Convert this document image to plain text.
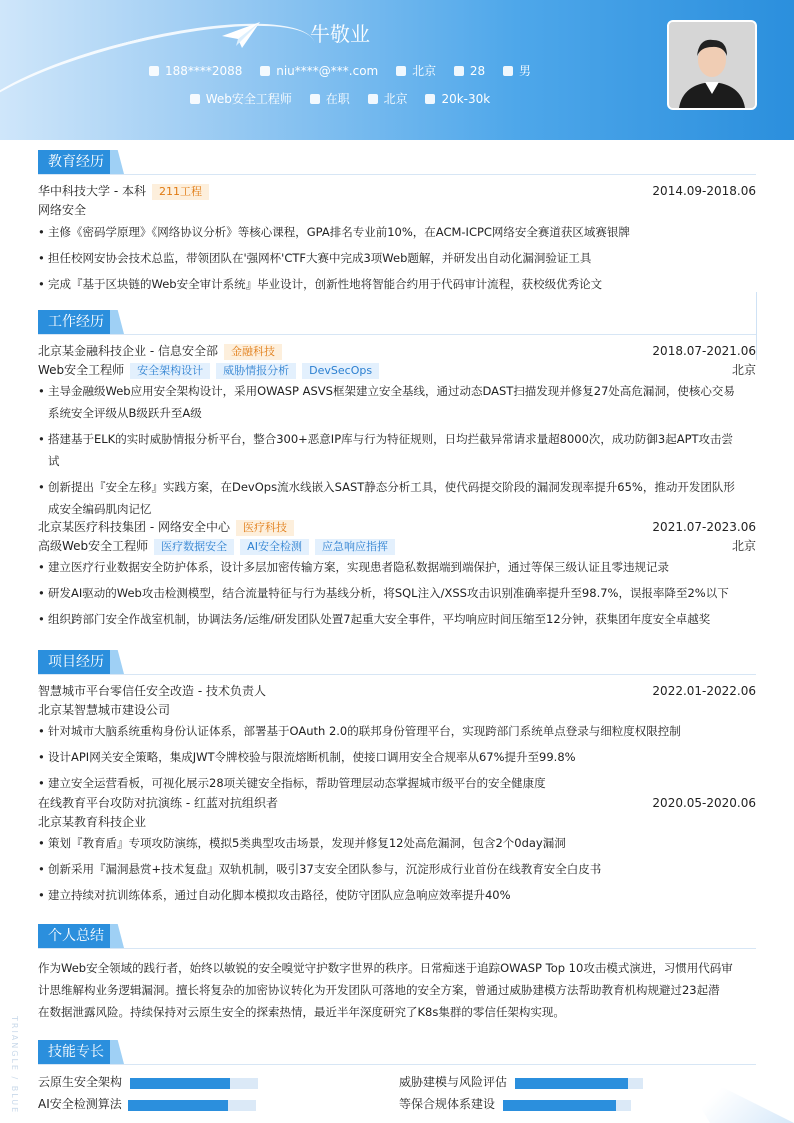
牛敬业
188****2088	niu****@***.com	北京	28	男
Web安全工程师	在职	北京	20k-30k
教育经历
华中科技大学 - 本科 211工程	2014.09-2018.06
网络安全
• 主修《密码学原理》《网络协议分析》等核心课程，GPA排名专业前10%，在ACM-ICPC网络安全赛道获区域赛银牌
• 担任校网安协会技术总监，带领团队在'强网杯'CTF大赛中完成3项Web题解，并研发出自动化漏洞验证工具
• 完成『基于区块链的Web安全审计系统』毕业设计，创新性地将智能合约用于代码审计流程，获校级优秀论文
工作经历
北京某金融科技企业 - 信息安全部 金融科技	2018.07-2021.06
Web安全工程师 安全架构设计 威胁情报分析 DevSecOps	北京
• 主导金融级Web应用安全架构设计，采用OWASP ASVS框架建立安全基线，通过动态DAST扫描发现并修复27处高危漏洞，使核心交易
系统安全评级从B级跃升至A级
• 搭建基于ELK的实时威胁情报分析平台，整合300+恶意IP库与行为特征规则，日均拦截异常请求量超8000次，成功防御3起APT攻击尝
试
• 创新提出『安全左移』实践方案，在DevOps流水线嵌入SAST静态分析工具，使代码提交阶段的漏洞发现率提升65%，推动开发团队形
成安全编码肌肉记忆
北京某医疗科技集团 - 网络安全中心 医疗科技	2021.07-2023.06
高级Web安全工程师 医疗数据安全 AI安全检测 应急响应指挥	北京
• 建立医疗行业数据安全防护体系，设计多层加密传输方案，实现患者隐私数据端到端保护，通过等保三级认证且零违规记录
• 研发AI驱动的Web攻击检测模型，结合流量特征与行为基线分析，将SQL注入/XSS攻击识别准确率提升至98.7%，误报率降至2%以下
• 组织跨部门安全作战室机制，协调法务/运维/研发团队处置7起重大安全事件，平均响应时间压缩至12分钟，获集团年度安全卓越奖
项目经历
智慧城市平台零信任安全改造 - 技术负责人	2022.01-2022.06
北京某智慧城市建设公司
• 针对城市大脑系统重构身份认证体系，部署基于OAuth 2.0的联邦身份管理平台，实现跨部门系统单点登录与细粒度权限控制
• 设计API网关安全策略，集成JWT令牌校验与限流熔断机制，使接口调用安全合规率从67%提升至99.8%
• 建立安全运营看板，可视化展示28项关键安全指标，帮助管理层动态掌握城市级平台的安全健康度
在线教育平台攻防对抗演练 - 红蓝对抗组织者	2020.05-2020.06
北京某教育科技企业
• 策划『教育盾』专项攻防演练，模拟5类典型攻击场景，发现并修复12处高危漏洞，包含2个0day漏洞
• 创新采用『漏洞悬赏+技术复盘』双轨机制，吸引37支安全团队参与，沉淀形成行业首份在线教育安全白皮书
• 建立持续对抗训练体系，通过自动化脚本模拟攻击路径，使防守团队应急响应效率提升40%
个人总结
作为Web安全领域的践行者，始终以敏锐的安全嗅觉守护数字世界的秩序。日常痴迷于追踪OWASP Top 10攻击模式演进，习惯用代码审
计思维解构业务逻辑漏洞。擅长将复杂的加密协议转化为开发团队可落地的安全方案，曾通过威胁建模方法帮助教育机构规避过23起潜
在数据泄露风险。持续保持对云原生安全的探索热情，最近半年深度研究了K8s集群的零信任架构实现。
技能专长
云原生安全架构	威胁建模与风险评估
AI安全检测算法	等保合规体系建设
TRIANGLE / BLUE
